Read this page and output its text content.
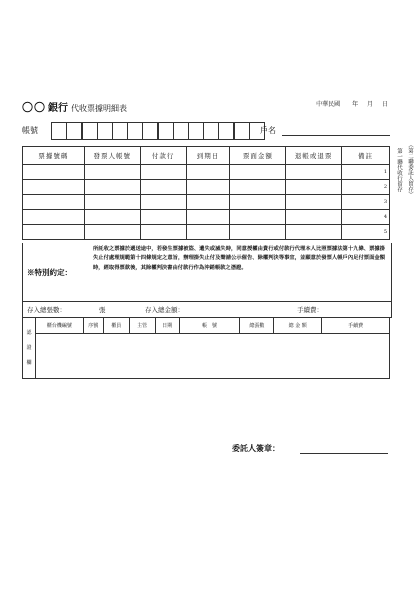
〇〇 銀行 代收票據明細表	中華民國 年 月 日
帳號	戶名
票據號碼	發票人帳號	付款行	到期日	票面金額	退帳或退票	備註
						1
						2
						3
						4
						5
※特別約定：
所託收之票據於遞送途中，若發生票據被盜、遺失或滅失時，同意授權由貴行或付款行代理本人比照票據法第十九條、票據掛失止付處理規範第十四條規定之意旨，辦理掛失止付及聲請公示催告、除權判決等事宜，並願意於發票人帳戶內足付票面金額時，經取得票款後，其除權判決書由付款行作為沖銷帳款之憑證。
存入總張數：	張	存入總金額：	手續費：
認
證
欄
	櫃台機編號	序號	櫃員	主管	日期	帳　號	總張數	總 金 額	手續費

（第二聯委託人留存）
第一聯代收行留存
委託人簽章：
